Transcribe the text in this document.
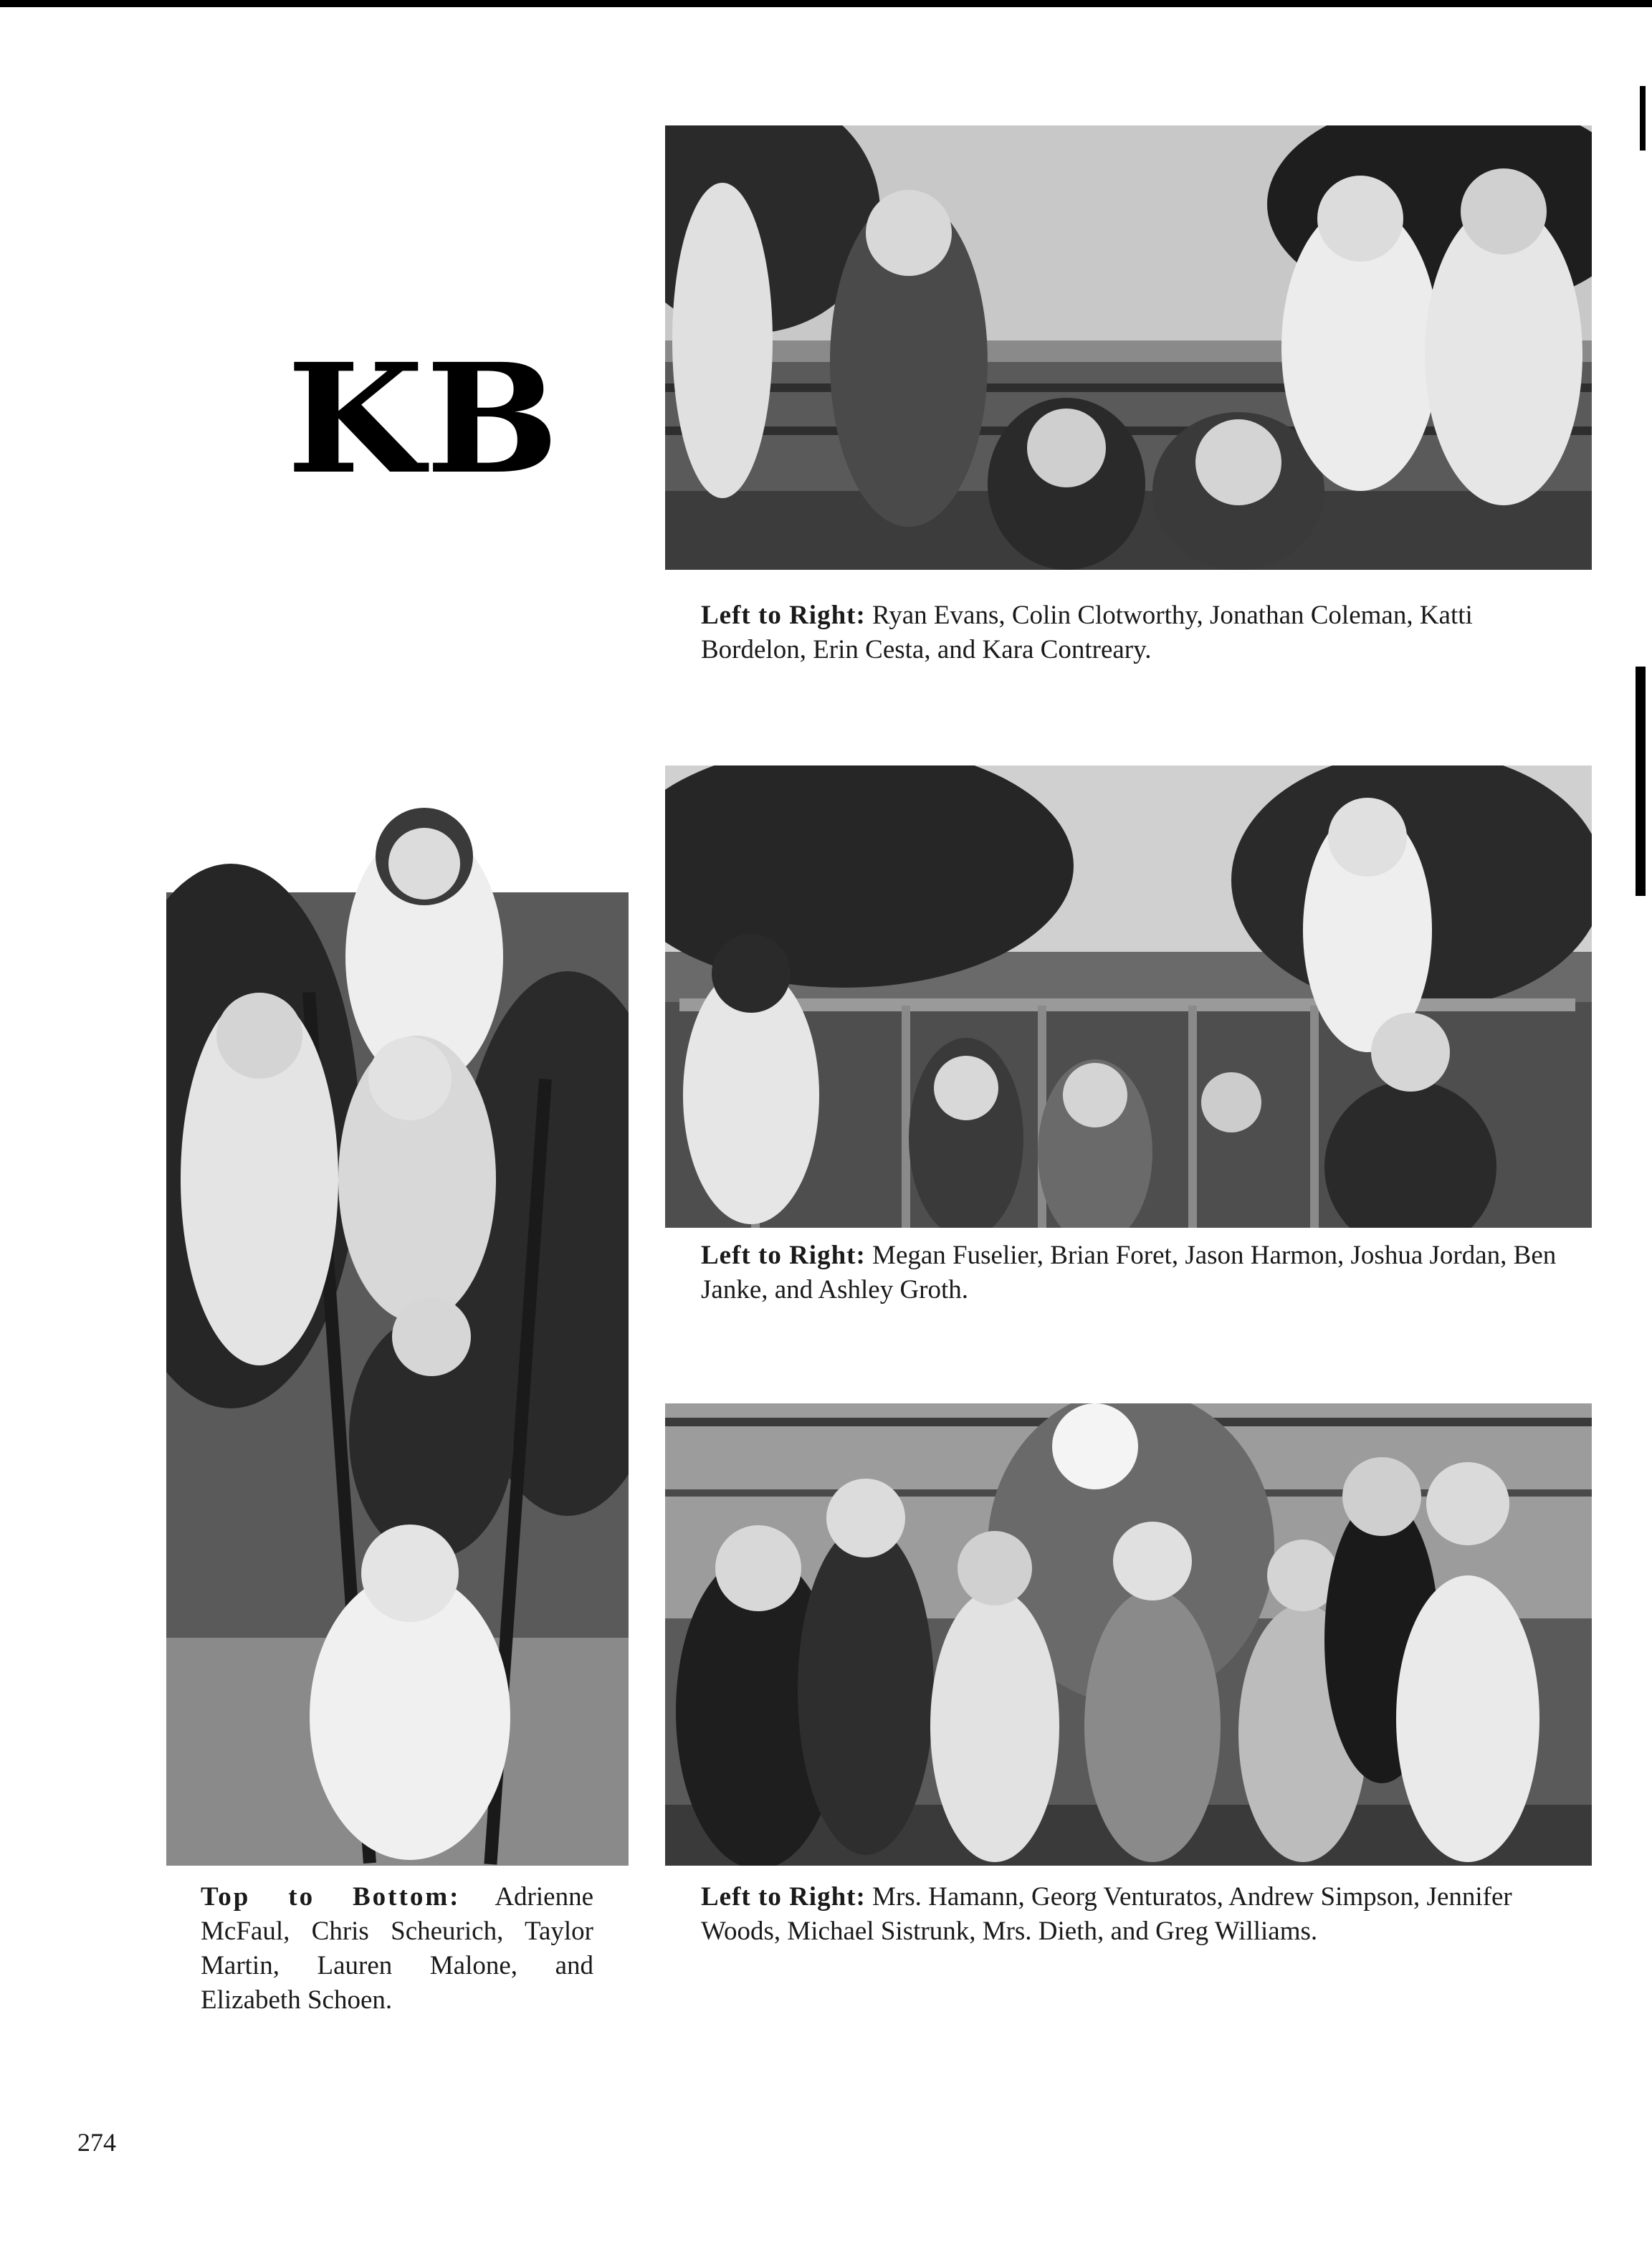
KB
Left to Right: Ryan Evans, Colin Clotworthy, Jonathan Coleman, Katti Bordelon, Erin Cesta, and Kara Contreary.
Left to Right: Megan Fuselier, Brian Foret, Jason Harmon, Joshua Jordan, Ben Janke, and Ashley Groth.
Left to Right: Mrs. Hamann, Georg Venturatos, Andrew Simpson, Jennifer Woods, Michael Sistrunk, Mrs. Dieth, and Greg Williams.
Top to Bottom: Adrienne McFaul, Chris Scheurich, Taylor Martin, Lauren Malone, and Elizabeth Schoen.
274
